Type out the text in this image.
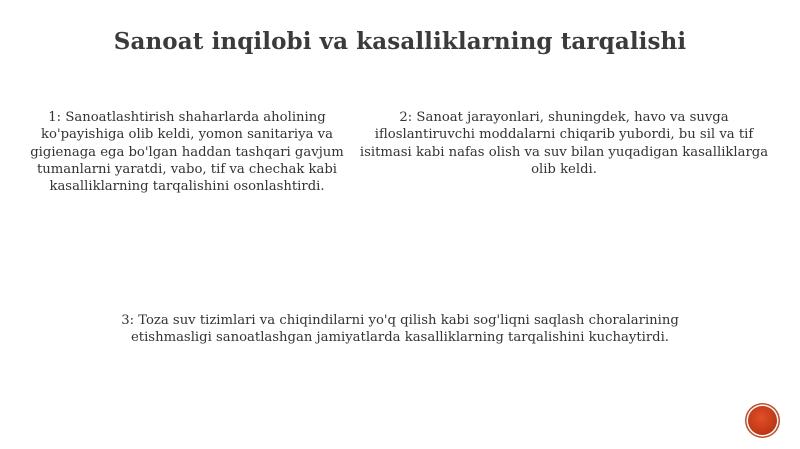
Sanoat inqilobi va kasalliklarning tarqalishi
1: Sanoatlashtirish shaharlarda aholining ko'payishiga olib keldi, yomon sanitariya va gigienaga ega bo'lgan haddan tashqari gavjum tumanlarni yaratdi, vabo, tif va chechak kabi kasalliklarning tarqalishini osonlashtirdi.
2: Sanoat jarayonlari, shuningdek, havo va suvga ifloslantiruvchi moddalarni chiqarib yubordi, bu sil va tif isitmasi kabi nafas olish va suv bilan yuqadigan kasalliklarga olib keldi.
3: Toza suv tizimlari va chiqindilarni yo'q qilish kabi sog'liqni saqlash choralarining etishmasligi sanoatlashgan jamiyatlarda kasalliklarning tarqalishini kuchaytirdi.
